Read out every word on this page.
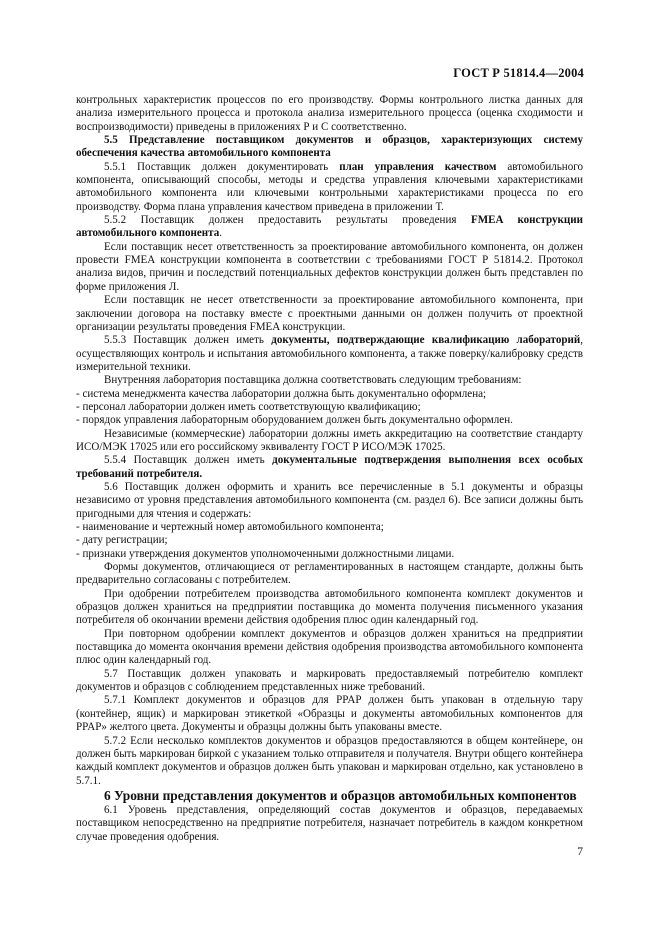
ГОСТ Р 51814.4—2004

контрольных характеристик процессов по его производству. Формы контрольного листка данных для анализа измерительного процесса и протокола анализа измерительного процесса (оценка сходимости и воспроизводимости) приведены в приложениях Р и С соответственно.

5.5 Представление поставщиком документов и образцов, характеризующих систему обеспечения качества автомобильного компонента

5.5.1 Поставщик должен документировать план управления качеством автомобильного компонента, описывающий способы, методы и средства управления ключевыми характеристиками автомобильного компонента или ключевыми контрольными характеристиками процесса по его производству. Форма плана управления качеством приведена в приложении Т.

5.5.2 Поставщик должен предоставить результаты проведения FMEA конструкции автомобильного компонента.

Если поставщик несет ответственность за проектирование автомобильного компонента, он должен провести FMEA конструкции компонента в соответствии с требованиями ГОСТ Р 51814.2. Протокол анализа видов, причин и последствий потенциальных дефектов конструкции должен быть представлен по форме приложения Л.

Если поставщик не несет ответственности за проектирование автомобильного компонента, при заключении договора на поставку вместе с проектными данными он должен получить от проектной организации результаты проведения FMEA конструкции.

5.5.3 Поставщик должен иметь документы, подтверждающие квалификацию лабораторий, осуществляющих контроль и испытания автомобильного компонента, а также поверку/калибровку средств измерительной техники.

Внутренняя лаборатория поставщика должна соответствовать следующим требованиям:

- система менеджмента качества лаборатории должна быть документально оформлена;

- персонал лаборатории должен иметь соответствующую квалификацию;

- порядок управления лабораторным оборудованием должен быть документально оформлен.

Независимые (коммерческие) лаборатории должны иметь аккредитацию на соответствие стандарту ИСО/МЭК 17025 или его российскому эквиваленту ГОСТ Р ИСО/МЭК 17025.

5.5.4 Поставщик должен иметь документальные подтверждения выполнения всех особых требований потребителя.

5.6 Поставщик должен оформить и хранить все перечисленные в 5.1 документы и образцы независимо от уровня представления автомобильного компонента (см. раздел 6). Все записи должны быть пригодными для чтения и содержать:

- наименование и чертежный номер автомобильного компонента;

- дату регистрации;

- признаки утверждения документов уполномоченными должностными лицами.

Формы документов, отличающиеся от регламентированных в настоящем стандарте, должны быть предварительно согласованы с потребителем.

При одобрении потребителем производства автомобильного компонента комплект документов и образцов должен храниться на предприятии поставщика до момента получения письменного указания потребителя об окончании времени действия одобрения плюс один календарный год.

При повторном одобрении комплект документов и образцов должен храниться на предприятии поставщика до момента окончания времени действия одобрения производства автомобильного компонента плюс один календарный год.

5.7 Поставщик должен упаковать и маркировать предоставляемый потребителю комплект документов и образцов с соблюдением представленных ниже требований.

5.7.1 Комплект документов и образцов для PPAP должен быть упакован в отдельную тару (контейнер, ящик) и маркирован этикеткой «Образцы и документы автомобильных компонентов для PPAP» желтого цвета. Документы и образцы должны быть упакованы вместе.

5.7.2 Если несколько комплектов документов и образцов предоставляются в общем контейнере, он должен быть маркирован биркой с указанием только отправителя и получателя. Внутри общего контейнера каждый комплект документов и образцов должен быть упакован и маркирован отдельно, как установлено в 5.7.1.

6 Уровни представления документов и образцов автомобильных компонентов

6.1 Уровень представления, определяющий состав документов и образцов, передаваемых поставщиком непосредственно на предприятие потребителя, назначает потребитель в каждом конкретном случае проведения одобрения.

7
